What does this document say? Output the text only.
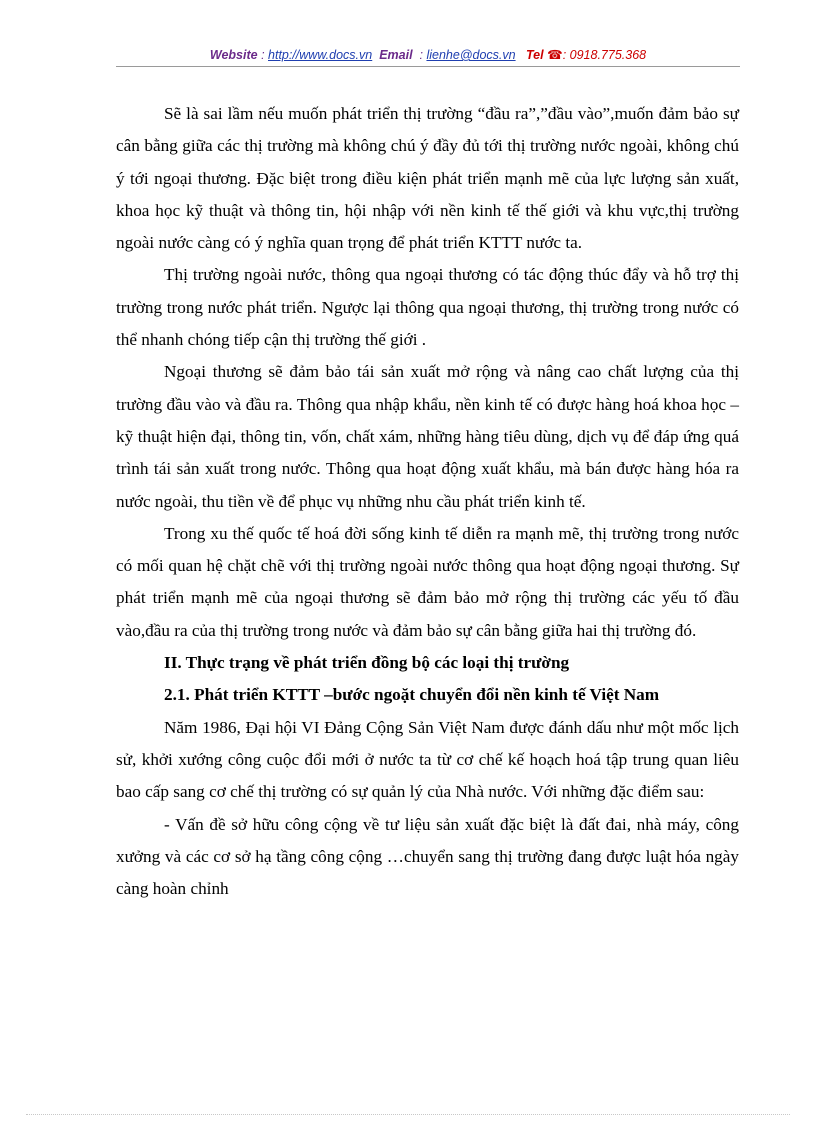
Website : http://www.docs.vn Email  : lienhe@docs.vn Tel ☎: 0918.775.368

Sẽ là sai lầm nếu muốn phát triển thị trường “đầu ra”,”đầu vào”,muốn đảm bảo sự cân bằng giữa các thị trường mà không chú ý đầy đủ tới thị trường nước ngoài, không chú ý tới ngoại thương. Đặc biệt trong điều kiện phát triển mạnh mẽ của lực lượng sản xuất, khoa học kỹ thuật và thông tin, hội nhập với nền kinh tế thế giới và khu vực,thị trường ngoài nước càng có ý nghĩa quan trọng để phát triển KTTT nước ta.

Thị trường ngoài nước, thông qua ngoại thương có tác động thúc đẩy và hỗ trợ thị trường trong nước phát triển. Ngược lại thông qua ngoại thương, thị trường trong nước có thể nhanh chóng tiếp cận thị trường thế giới .

Ngoại thương sẽ đảm bảo tái sản xuất mở rộng và nâng cao chất lượng của thị trường đầu vào và đầu ra. Thông qua nhập khẩu, nền kinh tế có được hàng hoá khoa học –kỹ thuật hiện đại, thông tin, vốn, chất xám, những hàng tiêu dùng, dịch vụ để đáp ứng quá trình tái sản xuất trong nước. Thông qua hoạt động xuất khẩu, mà bán được hàng hóa ra nước ngoài, thu tiền về để phục vụ những nhu cầu phát triển kinh tế.

Trong xu thế quốc tế hoá đời sống kinh tế diễn ra mạnh mẽ, thị trường trong nước có mối quan hệ chặt chẽ với thị trường ngoài nước thông qua hoạt động ngoại thương. Sự phát triển mạnh mẽ của ngoại thương sẽ đảm bảo mở rộng thị trường các yếu tố đầu vào,đầu ra của thị trường trong nước và đảm bảo sự cân bằng giữa hai thị trường đó.

II. Thực trạng về phát triển đồng bộ các loại thị trường
2.1. Phát triển KTTT –bước ngoặt chuyển đổi nền kinh tế Việt Nam

Năm 1986, Đại hội VI Đảng Cộng Sản Việt Nam được đánh dấu như một mốc lịch sử, khởi xướng công cuộc đổi mới ở nước ta từ cơ chế kế hoạch hoá tập trung quan liêu bao cấp sang cơ chế thị trường có sự quản lý của Nhà nước. Với những đặc điểm sau:

- Vấn đề sở hữu công cộng về tư liệu sản xuất đặc biệt là đất đai, nhà máy, công xưởng và các cơ sở hạ tầng công cộng …chuyển sang thị trường đang được luật hóa ngày càng hoàn chỉnh
